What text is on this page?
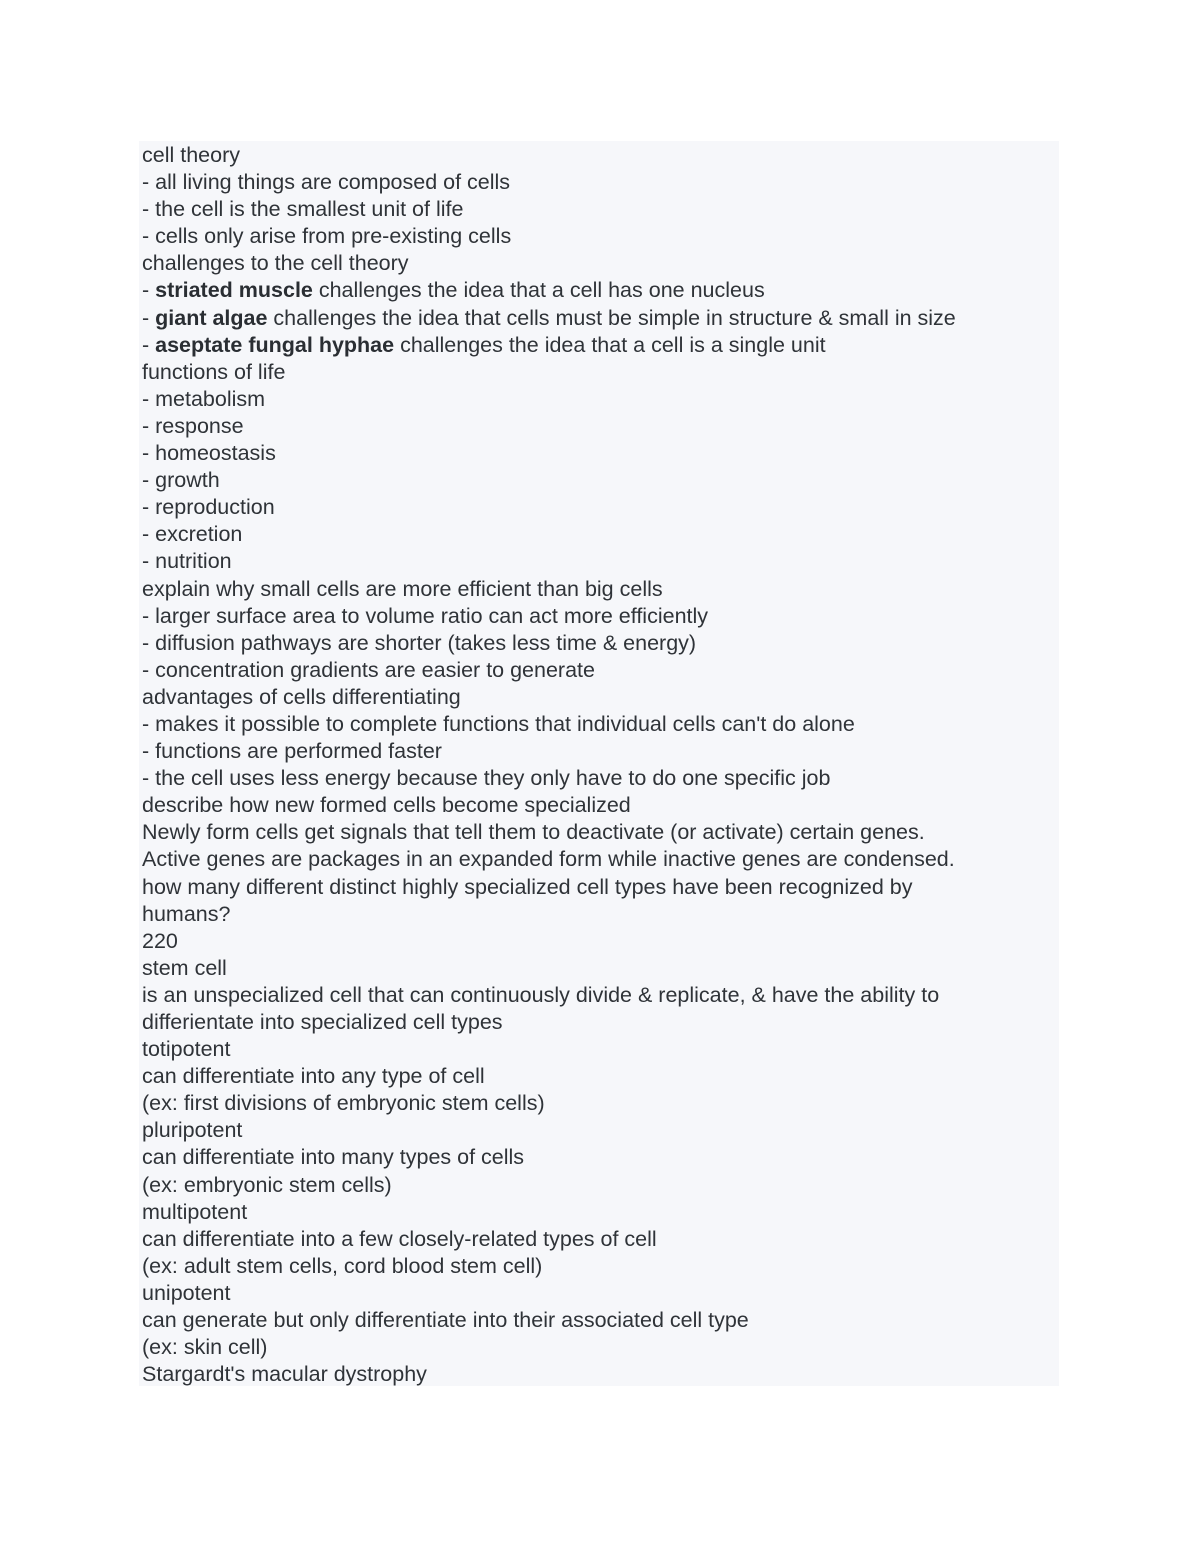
cell theory

- all living things are composed of cells

- the cell is the smallest unit of life

- cells only arise from pre-existing cells

challenges to the cell theory

- striated muscle challenges the idea that a cell has one nucleus

- giant algae challenges the idea that cells must be simple in structure & small in size

- aseptate fungal hyphae challenges the idea that a cell is a single unit

functions of life

- metabolism

- response

- homeostasis

- growth

- reproduction

- excretion

- nutrition

explain why small cells are more efficient than big cells

- larger surface area to volume ratio can act more efficiently

- diffusion pathways are shorter (takes less time & energy)

- concentration gradients are easier to generate

advantages of cells differentiating

- makes it possible to complete functions that individual cells can't do alone

- functions are performed faster

- the cell uses less energy because they only have to do one specific job

describe how new formed cells become specialized

Newly form cells get signals that tell them to deactivate (or activate) certain genes.

Active genes are packages in an expanded form while inactive genes are condensed.

how many different distinct highly specialized cell types have been recognized by

humans?

220

stem cell

is an unspecialized cell that can continuously divide & replicate, & have the ability to

differientate into specialized cell types

totipotent

can differentiate into any type of cell

(ex: first divisions of embryonic stem cells)

pluripotent

can differentiate into many types of cells

(ex: embryonic stem cells)

multipotent

can differentiate into a few closely-related types of cell

(ex: adult stem cells, cord blood stem cell)

unipotent

can generate but only differentiate into their associated cell type

(ex: skin cell)

Stargardt's macular dystrophy
